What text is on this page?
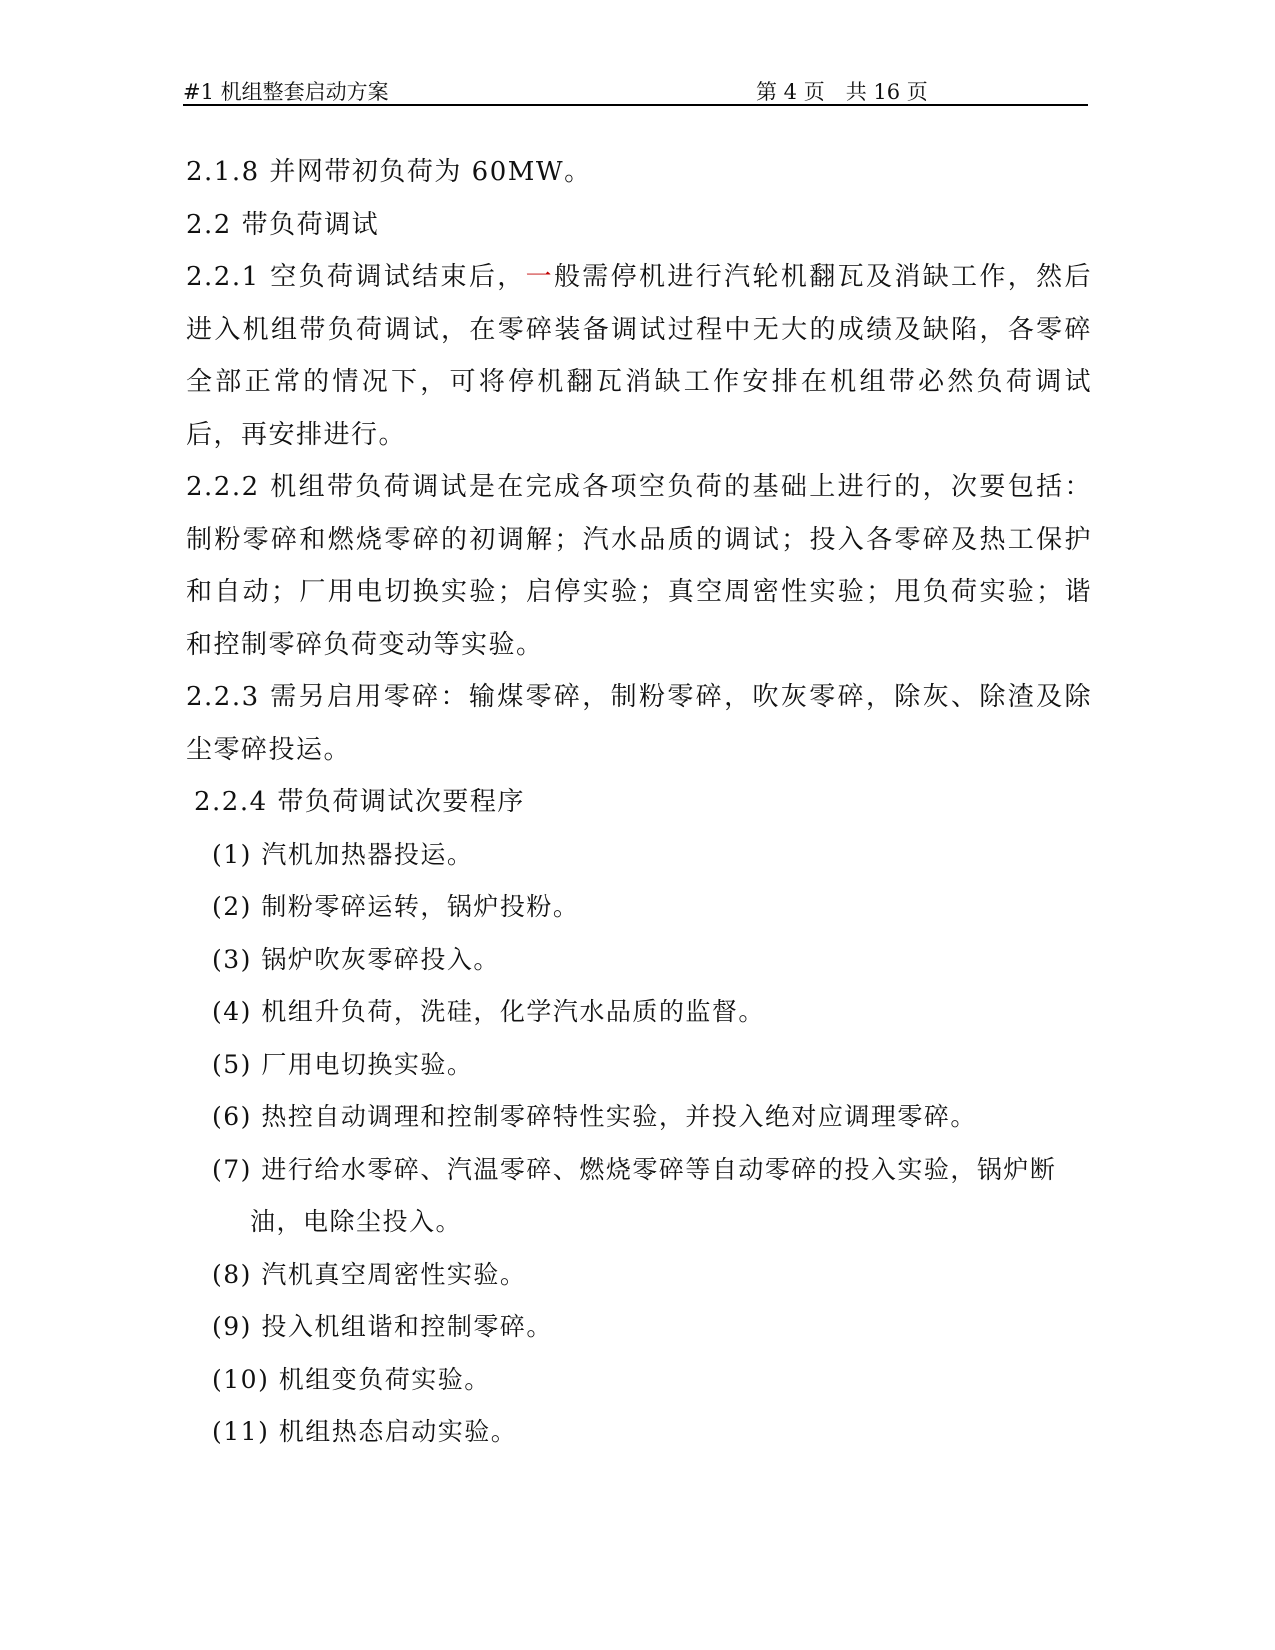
#1 机组整套启动方案	第 4 页　共 16 页

2.1.8 并网带初负荷为 60MW。

2.2 带负荷调试

2.2.1 空负荷调试结束后，一般需停机进行汽轮机翻瓦及消缺工作，然后进入机组带负荷调试，在零碎装备调试过程中无大的成绩及缺陷，各零碎全部正常的情况下，可将停机翻瓦消缺工作安排在机组带必然负荷调试后，再安排进行。

2.2.2 机组带负荷调试是在完成各项空负荷的基础上进行的，次要包括：制粉零碎和燃烧零碎的初调解；汽水品质的调试；投入各零碎及热工保护和自动；厂用电切换实验；启停实验；真空周密性实验；甩负荷实验；谐和控制零碎负荷变动等实验。

2.2.3 需另启用零碎：输煤零碎，制粉零碎，吹灰零碎，除灰、除渣及除尘零碎投运。

2.2.4 带负荷调试次要程序

(1) 汽机加热器投运。

(2) 制粉零碎运转，锅炉投粉。

(3) 锅炉吹灰零碎投入。

(4) 机组升负荷，洗硅，化学汽水品质的监督。

(5) 厂用电切换实验。

(6) 热控自动调理和控制零碎特性实验，并投入绝对应调理零碎。

(7) 进行给水零碎、汽温零碎、燃烧零碎等自动零碎的投入实验，锅炉断油，电除尘投入。

(8) 汽机真空周密性实验。

(9) 投入机组谐和控制零碎。

(10) 机组变负荷实验。

(11) 机组热态启动实验。
